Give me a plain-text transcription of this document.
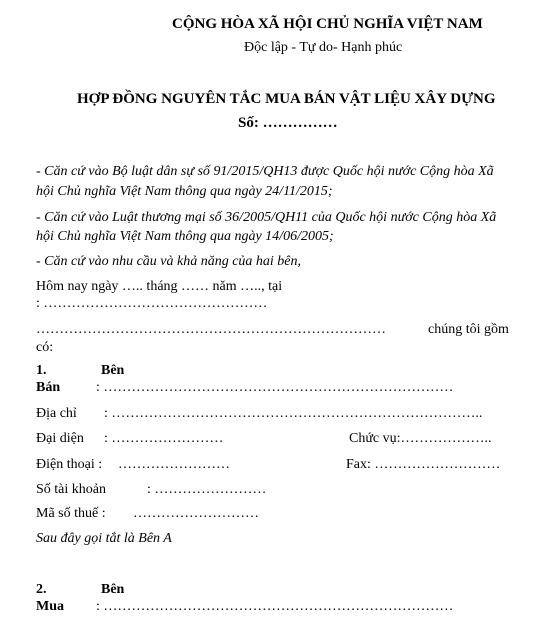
CỘNG HÒA XÃ HỘI CHỦ NGHĨA VIỆT NAM
Độc lập - Tự do- Hạnh phúc
HỢP ĐỒNG NGUYÊN TẮC MUA BÁN VẬT LIỆU XÂY DỰNG
Số: ……………
- Căn cứ vào Bộ luật dân sự số 91/2015/QH13 được Quốc hội nước Cộng hòa Xã
hội Chủ nghĩa Việt Nam thông qua ngày 24/11/2015;
- Căn cứ vào Luật thương mại số 36/2005/QH11 của Quốc hội nước Cộng hòa Xã
hội Chủ nghĩa Việt Nam thông qua ngày 14/06/2005;
- Căn cứ vào nhu cầu và khả năng của hai bên,
Hôm nay ngày ….. tháng …… năm ….., tại
: …………………………………………
…………………………………………………………………	chúng tôi gồm
có:
1.	Bên
Bán	: …………………………………………………………………
Địa chỉ : ……………………………………………………………………..
Đại diện : ……………………	Chức vụ:………………..
Điện thoại : ……………………	Fax: ………………………
Số tài khoản	: ……………………
Mã số thuế : ………………………
Sau đây gọi tắt là Bên A
2.	Bên
Mua : …………………………………………………………………
